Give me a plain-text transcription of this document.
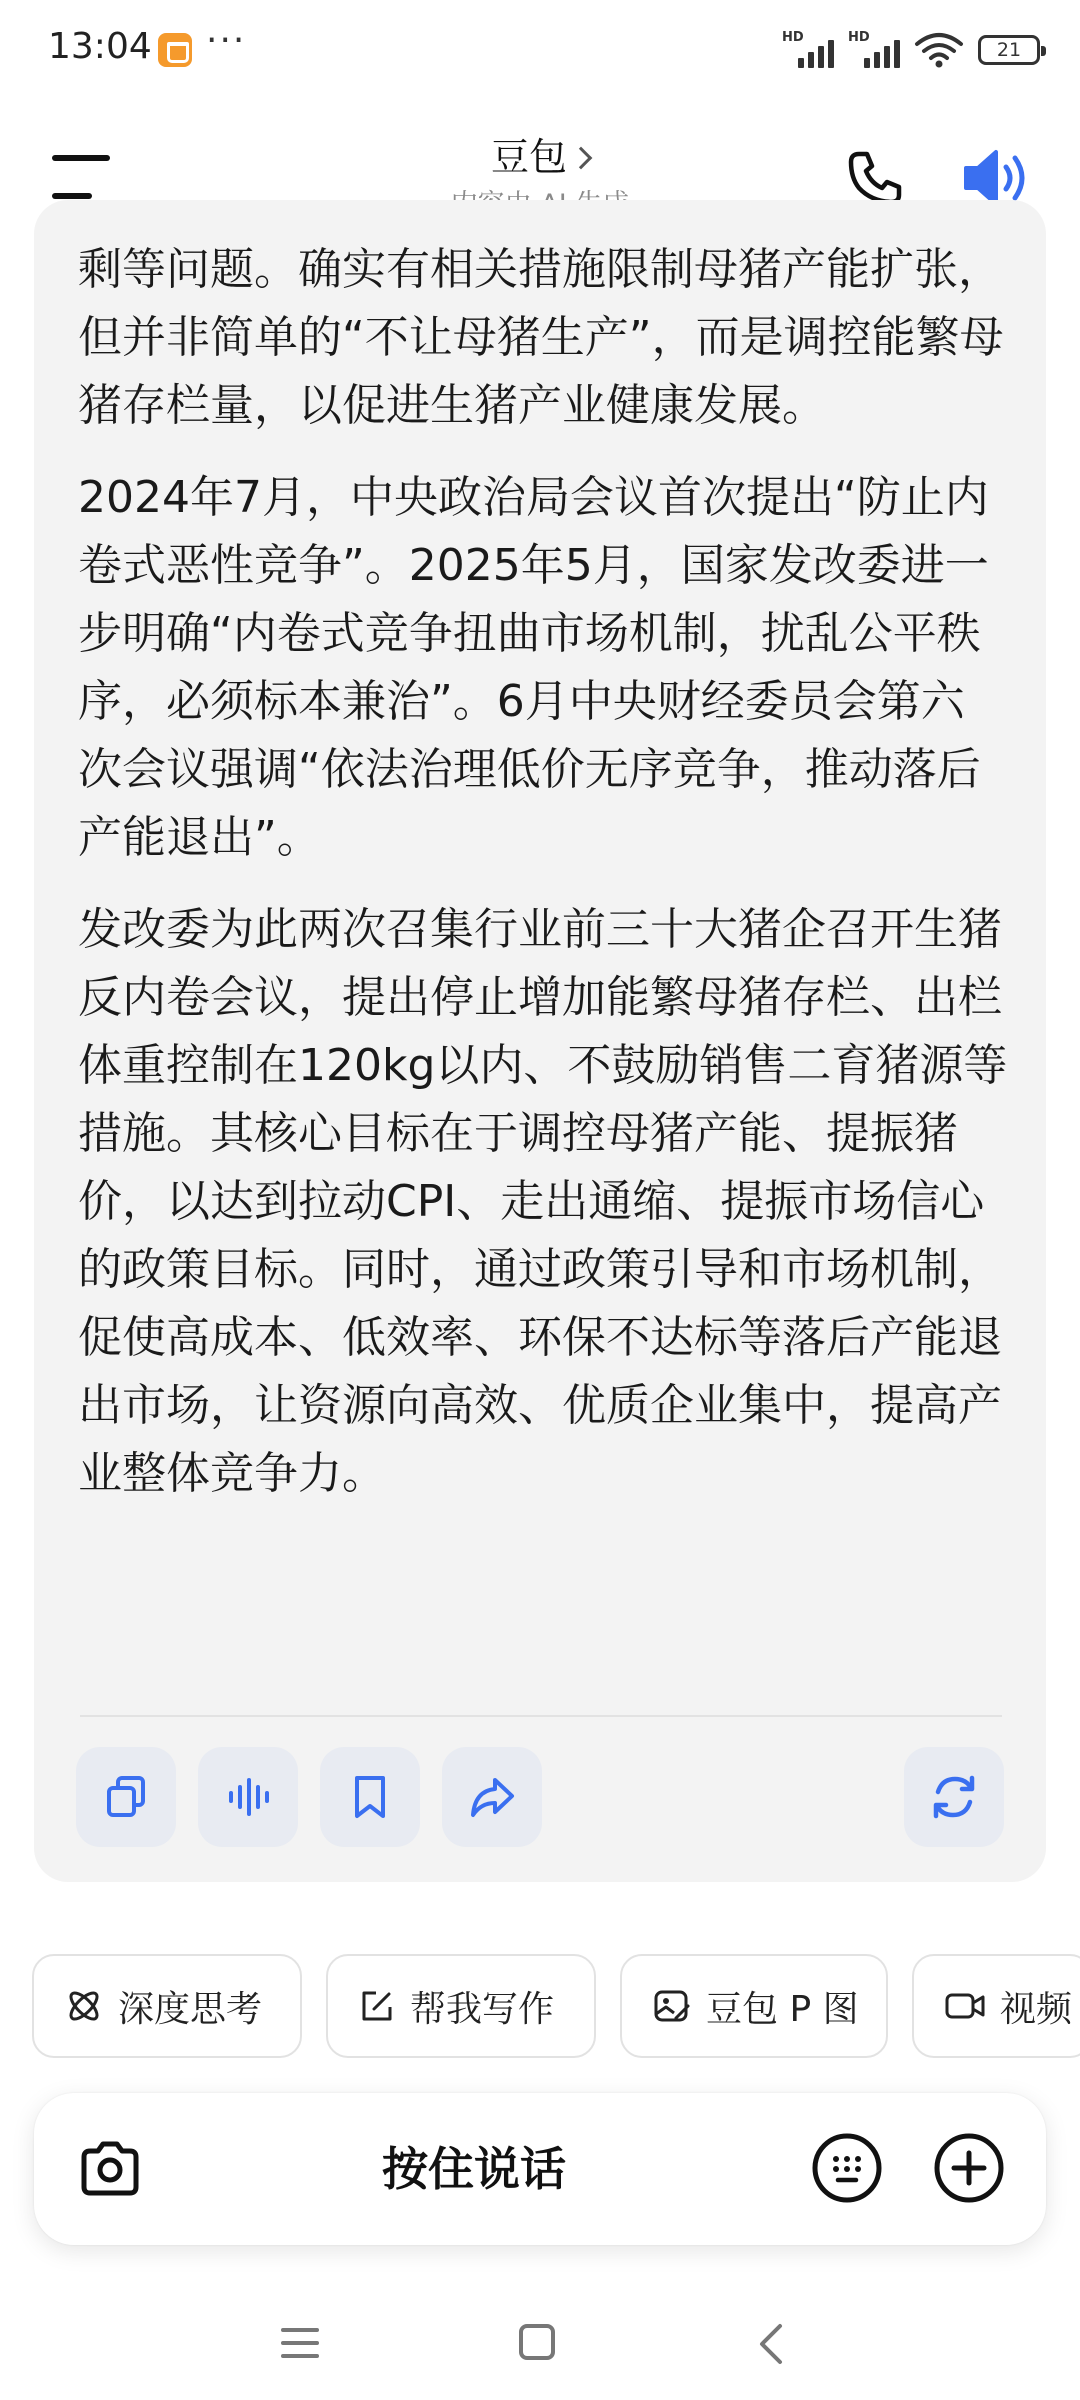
13:04 ···	HD	HD
21
豆包

剩等问题。确实有相关措施限制母猪产能扩张，但并非简单的“不让母猪生产”，而是调控能繁母猪存栏量，以促进生猪产业健康发展。

2024年7月，中央政治局会议首次提出“防止内卷式恶性竞争”。2025年5月，国家发改委进一步明确“内卷式竞争扭曲市场机制，扰乱公平秩序，必须标本兼治”。6月中央财经委员会第六次会议强调“依法治理低价无序竞争，推动落后产能退出”。

发改委为此两次召集行业前三十大猪企召开生猪反内卷会议，提出停止增加能繁母猪存栏、出栏体重控制在120kg以内、不鼓励销售二育猪源等措施。其核心目标在于调控母猪产能、提振猪价，以达到拉动CPI、走出通缩、提振市场信心的政策目标。同时，通过政策引导和市场机制，促使高成本、低效率、环保不达标等落后产能退出市场，让资源向高效、优质企业集中，提高产业整体竞争力。

深度思考	帮我写作	豆包 P 图	视频
按住说话
